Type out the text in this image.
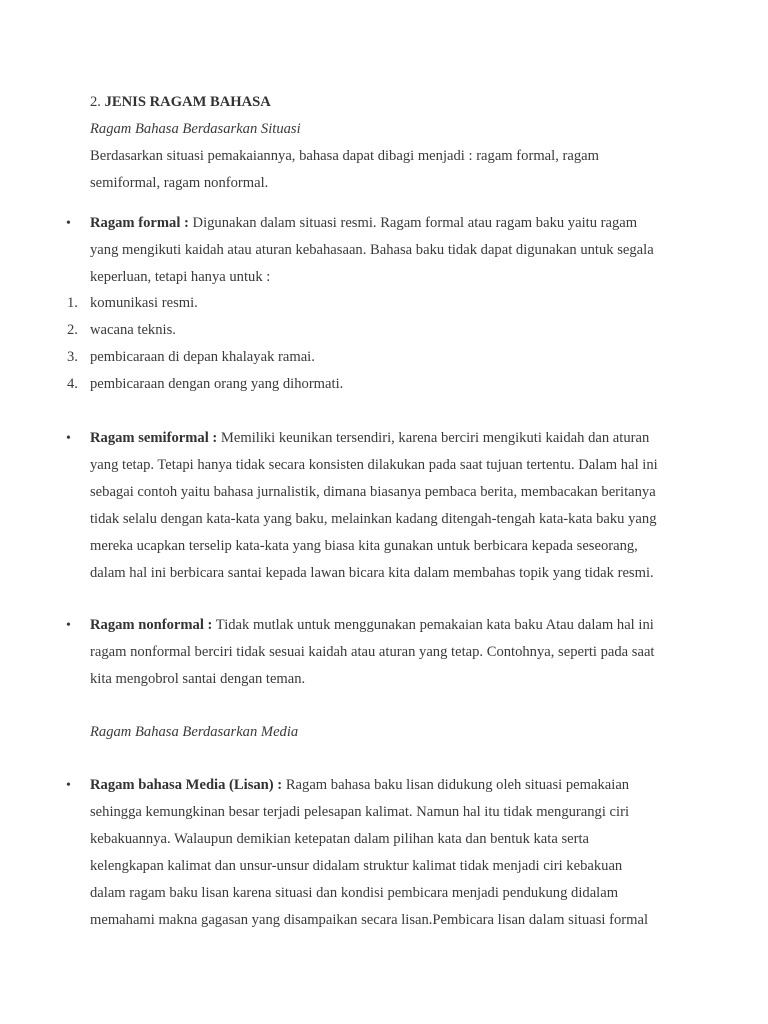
2. JENIS RAGAM BAHASA
Ragam Bahasa Berdasarkan Situasi
Berdasarkan situasi pemakaiannya, bahasa dapat dibagi menjadi : ragam formal, ragam
semiformal, ragam nonformal.
• Ragam formal : Digunakan dalam situasi resmi. Ragam formal atau ragam baku yaitu ragam
yang mengikuti kaidah atau aturan kebahasaan. Bahasa baku tidak dapat digunakan untuk segala
keperluan, tetapi hanya untuk :
1. komunikasi resmi.
2. wacana teknis.
3. pembicaraan di depan khalayak ramai.
4. pembicaraan dengan orang yang dihormati.
• Ragam semiformal : Memiliki keunikan tersendiri, karena berciri mengikuti kaidah dan aturan
yang tetap. Tetapi hanya tidak secara konsisten dilakukan pada saat tujuan tertentu. Dalam hal ini
sebagai contoh yaitu bahasa jurnalistik, dimana biasanya pembaca berita, membacakan beritanya
tidak selalu dengan kata-kata yang baku, melainkan kadang ditengah-tengah kata-kata baku yang
mereka ucapkan terselip kata-kata yang biasa kita gunakan untuk berbicara kepada seseorang,
dalam hal ini berbicara santai kepada lawan bicara kita dalam membahas topik yang tidak resmi.
• Ragam nonformal : Tidak mutlak untuk menggunakan pemakaian kata baku Atau dalam hal ini
ragam nonformal berciri tidak sesuai kaidah atau aturan yang tetap. Contohnya, seperti pada saat
kita mengobrol santai dengan teman.
Ragam Bahasa Berdasarkan Media
• Ragam bahasa Media (Lisan) : Ragam bahasa baku lisan didukung oleh situasi pemakaian
sehingga kemungkinan besar terjadi pelesapan kalimat. Namun hal itu tidak mengurangi ciri
kebakuannya. Walaupun demikian ketepatan dalam pilihan kata dan bentuk kata serta
kelengkapan kalimat dan unsur-unsur didalam struktur kalimat tidak menjadi ciri kebakuan
dalam ragam baku lisan karena situasi dan kondisi pembicara menjadi pendukung didalam
memahami makna gagasan yang disampaikan secara lisan.Pembicara lisan dalam situasi formal
